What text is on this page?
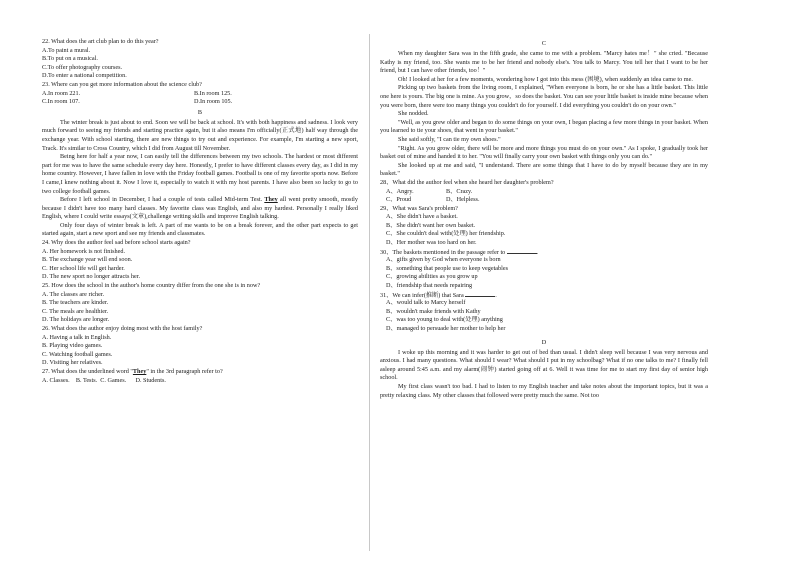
22. What does the art club plan to do this year?
A.To paint a mural.
B.To put on a musical.
C.To offer photography courses.
D.To enter a national competition.
23. Where can you get more information about the science club?
A.In room 221.	B.In room 125.
C.In room 107.	D.In room 105.
B
The winter break is just about to end. Soon we will be back at school. It's with both happiness and sadness. I look very much forward to seeing my friends and starting practice again, but it also means I'm officially(正式地) half way through the exchange year. With school starting, there are new things to try out and experience. For example, I'm starting a new sport, Track. It's similar to Cross Country, which I did from August till November.
Being here for half a year now, I can easily tell the differences between my two schools. The hardest or most different part for me was to have the same schedule every day here. Honestly, I prefer to have different classes every day, as I did in my home country. However, I have fallen in love with the Friday football games. Football is one of my favorite sports now. Before I came,I knew nothing about it. Now I love it, especially to watch it with my host parents. I have also been so lucky to go to two college football games.
Before I left school in December, I had a couple of tests called Mid-term Test. They all went pretty smooth, mostly because I didn't have too many hard classes. My favorite class was English, and also my hardest. Personally I really liked English, where I could write essays(文章),challenge writing skills and improve English talking.
Only four days of winter break is left. A part of me wants to be on a break forever, and the other part expects to get started again, start a new sport and see my friends and classmates.
24. Why does the author feel sad before school starts again?
A. Her homework is not finished.
B. The exchange year will end soon.
C. Her school life will get harder.
D. The new sport no longer attracts her.
25. How does the school in the author's home country differ from the one she is in now?
A. The classes are richer.
B. The teachers are kinder.
C. The meals are healthier.
D. The holidays are longer.
26. What does the author enjoy doing most with the host family?
A. Having a talk in English.
B. Playing video games.
C. Watching football games.
D. Visiting her relatives.
27. What does the underlined word "They" in the 3rd paragraph refer to?
A. Classes. B. Tests. C. Games. D. Students.
C
When my daughter Sara was in the fifth grade, she came to me with a problem. "Marcy hates me！" she cried. "Because Kathy is my friend, too. She wants me to be her friend and nobody else's. You talk to Marcy. You tell her that I want to be her friend, but I can have other friends, too！"
Oh! I looked at her for a few moments, wondering how I got into this mess (困境), when suddenly an idea came to me.
Picking up two baskets from the living room, I explained, "When everyone is born, he or she has a little basket. This little one here is yours. The big one is mine. As you grow，so does the basket. You can see your little basket is inside mine because when you were born, there were too many things you couldn't do for yourself. I did everything you couldn't do on your own."
She nodded.
"Well, as you grew older and began to do some things on your own, I began placing a few more things in your basket. When you learned to tie your shoes, that went in your basket."
She said softly, "I can tie my own shoes."
"Right. As you grow older, there will be more and more things you must do on your own." As I spoke, I gradually took her basket out of mine and handed it to her. "You will finally carry your own basket with things only you can do."
She looked up at me and said, "I understand. There are some things that I have to do by myself because they are in my basket."
28、What did the author feel when she heard her daughter's problem?
A、Angry.	B、Crazy.
C、Proud	D、Helpless.
29、What was Sara's problem?
A、She didn't have a basket.
B、She didn't want her own basket.
C、She couldn't deal with(处理) her friendship.
D、Her mother was too hard on her.
30、The baskets mentioned in the passage refer to	.
A、gifts given by God when everyone is born
B、something that people use to keep vegetables
C、growing abilities as you grow up
D、friendship that needs repairing
31、We can infer(推断) that Sara	.
A、would talk to Marcy herself
B、wouldn't make friends with Kathy
C、was too young to deal with(处理) anything
D、managed to persuade her mother to help her
D
I woke up this morning and it was harder to get out of bed than usual. I didn't sleep well because I was very nervous and anxious. I had many questions. What should I wear? What should I put in my schoolbag? What if no one talks to me? I finally fell asleep around 5:45 a.m. and my alarm(闹钟) started going off at 6. Well it was time for me to start my first day of senior high school.
My first class wasn't too bad. I had to listen to my English teacher and take notes about the important topics, but it was a pretty relaxing class. My other classes that followed were pretty much the same. Not too
